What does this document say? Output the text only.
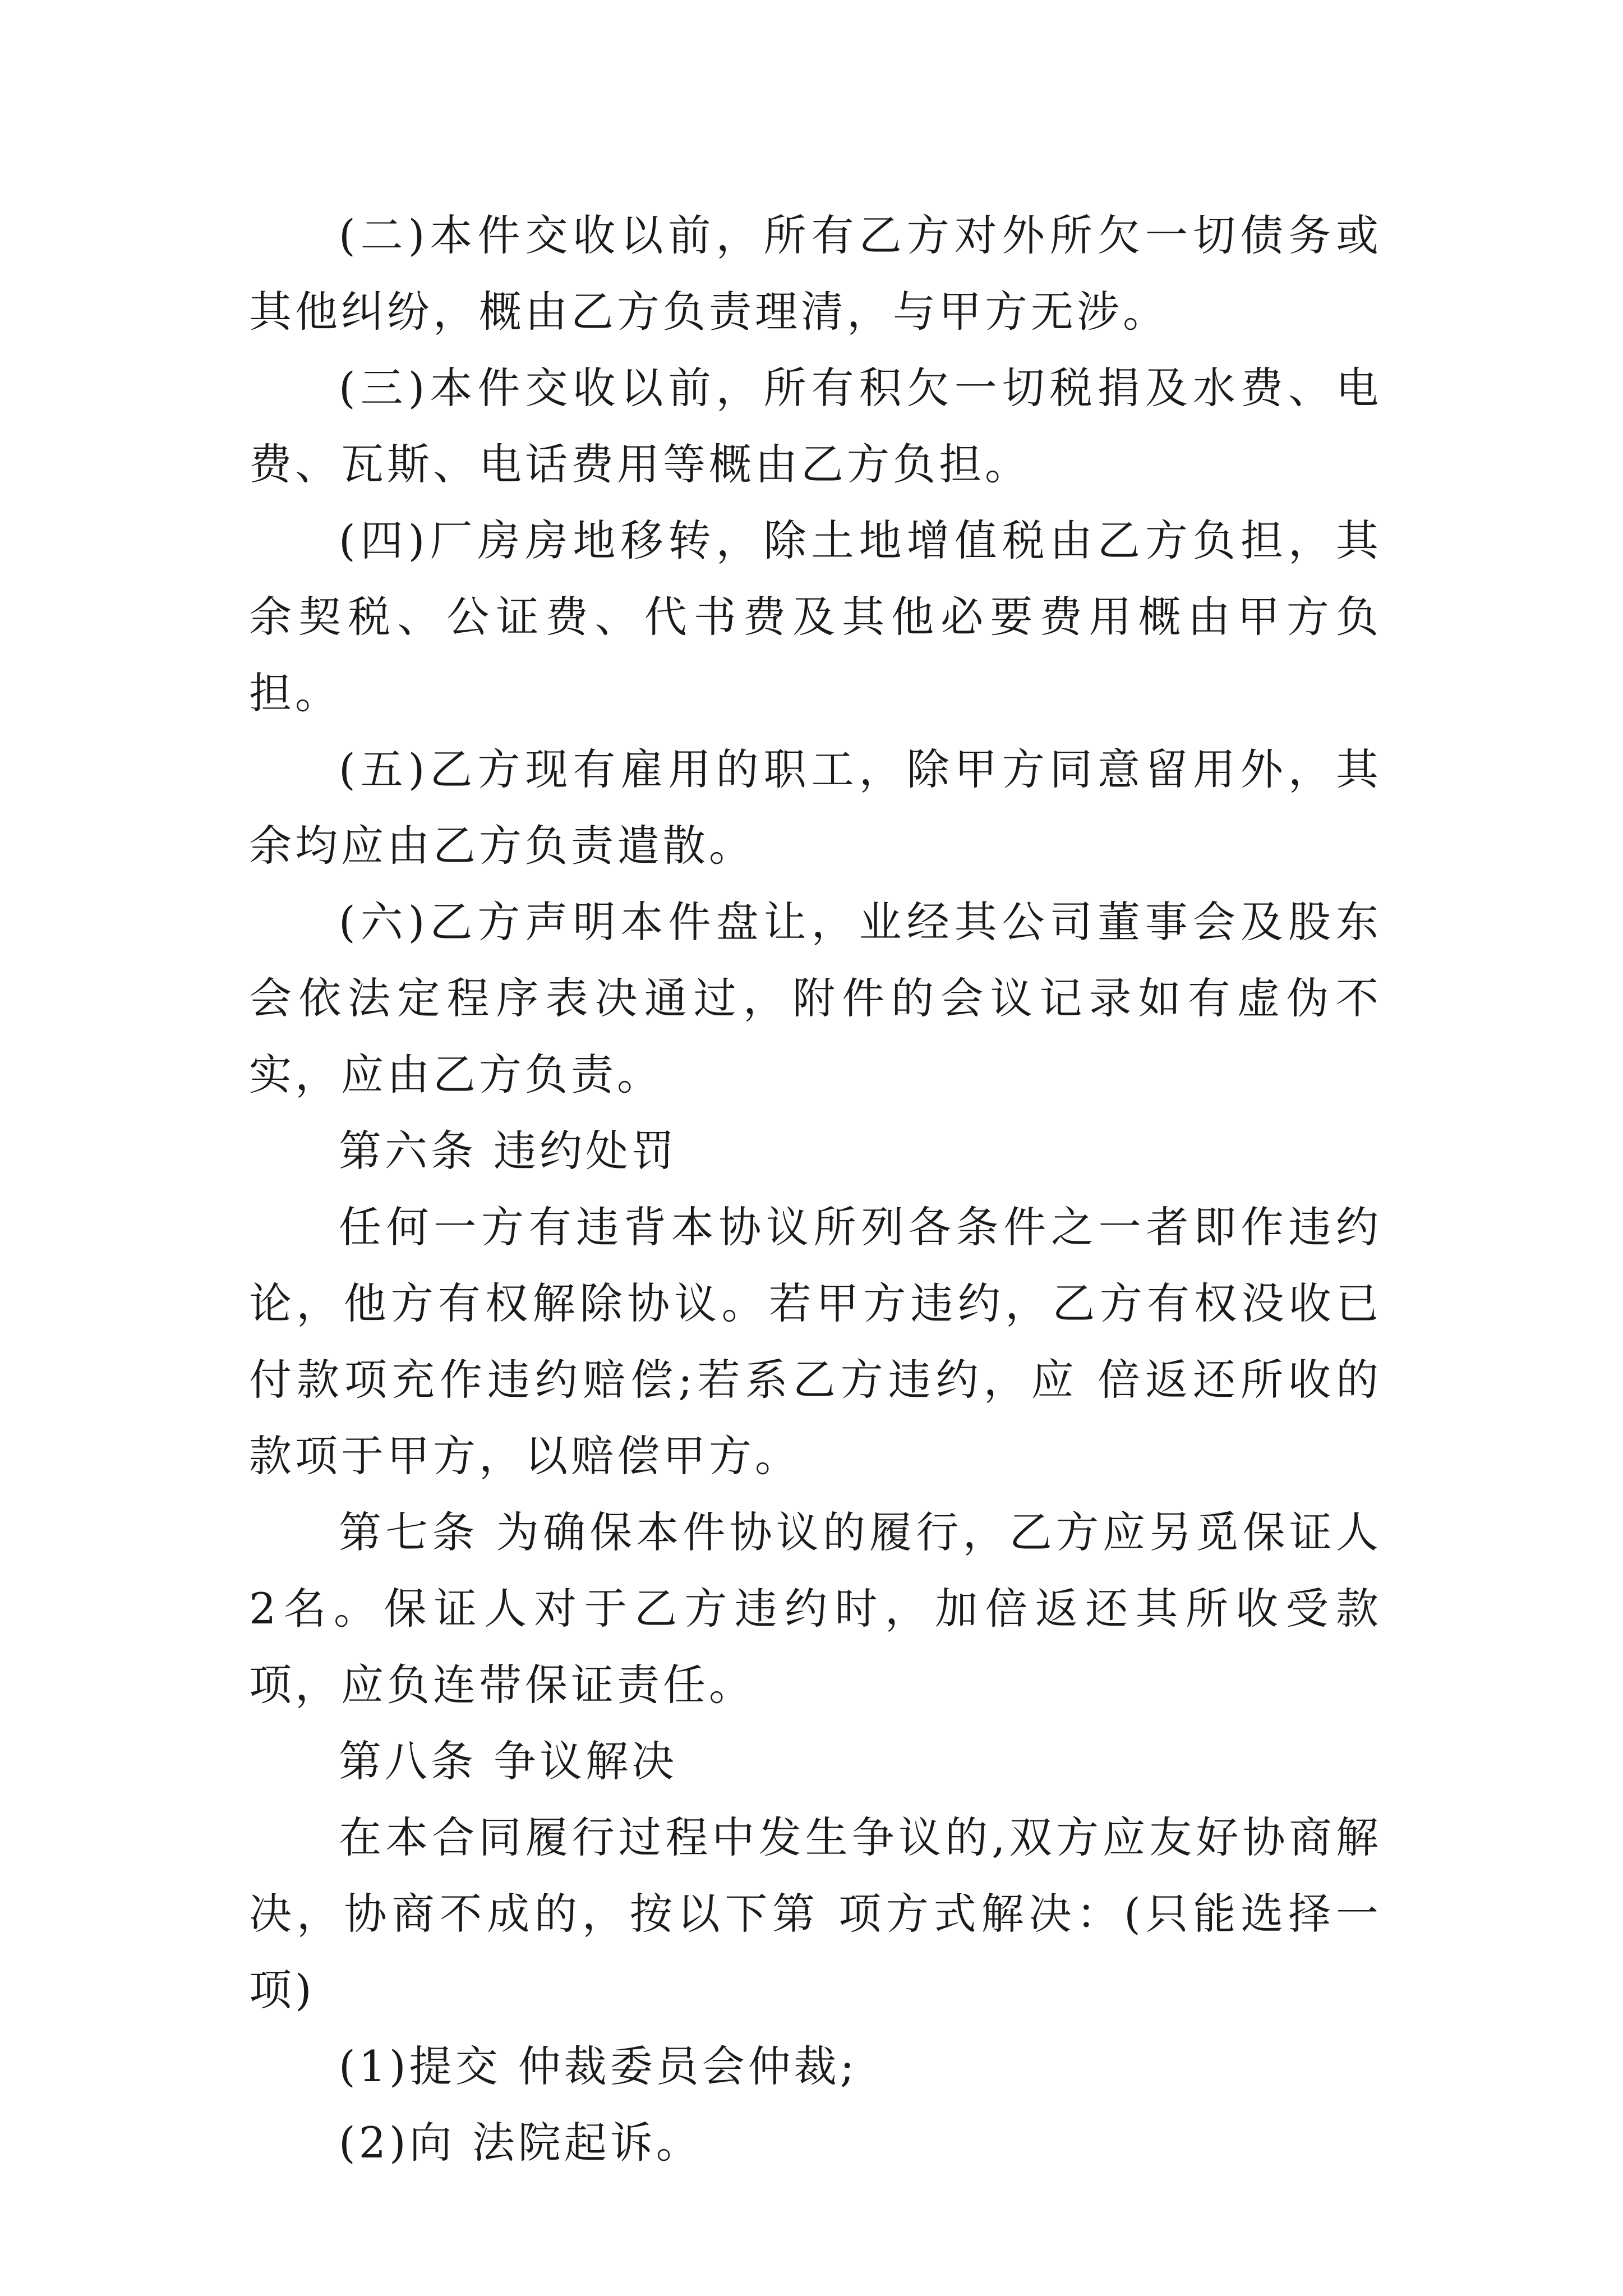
(二)本件交收以前，所有乙方对外所欠一切债务或其他纠纷，概由乙方负责理清，与甲方无涉。

(三)本件交收以前，所有积欠一切税捐及水费、电费、瓦斯、电话费用等概由乙方负担。

(四)厂房房地移转，除土地增值税由乙方负担，其余契税、公证费、代书费及其他必要费用概由甲方负担。

(五)乙方现有雇用的职工，除甲方同意留用外，其余均应由乙方负责遣散。

(六)乙方声明本件盘让，业经其公司董事会及股东会依法定程序表决通过，附件的会议记录如有虚伪不实，应由乙方负责。

第六条 违约处罚

任何一方有违背本协议所列各条件之一者即作违约论，他方有权解除协议。若甲方违约，乙方有权没收已付款项充作违约赔偿;若系乙方违约，应 倍返还所收的款项于甲方，以赔偿甲方。

第七条 为确保本件协议的履行，乙方应另觅保证人2名。保证人对于乙方违约时，加倍返还其所收受款项，应负连带保证责任。

第八条 争议解决

在本合同履行过程中发生争议的,双方应友好协商解决，协商不成的，按以下第 项方式解决：(只能选择一项)

(1)提交 仲裁委员会仲裁;

(2)向 法院起诉。
